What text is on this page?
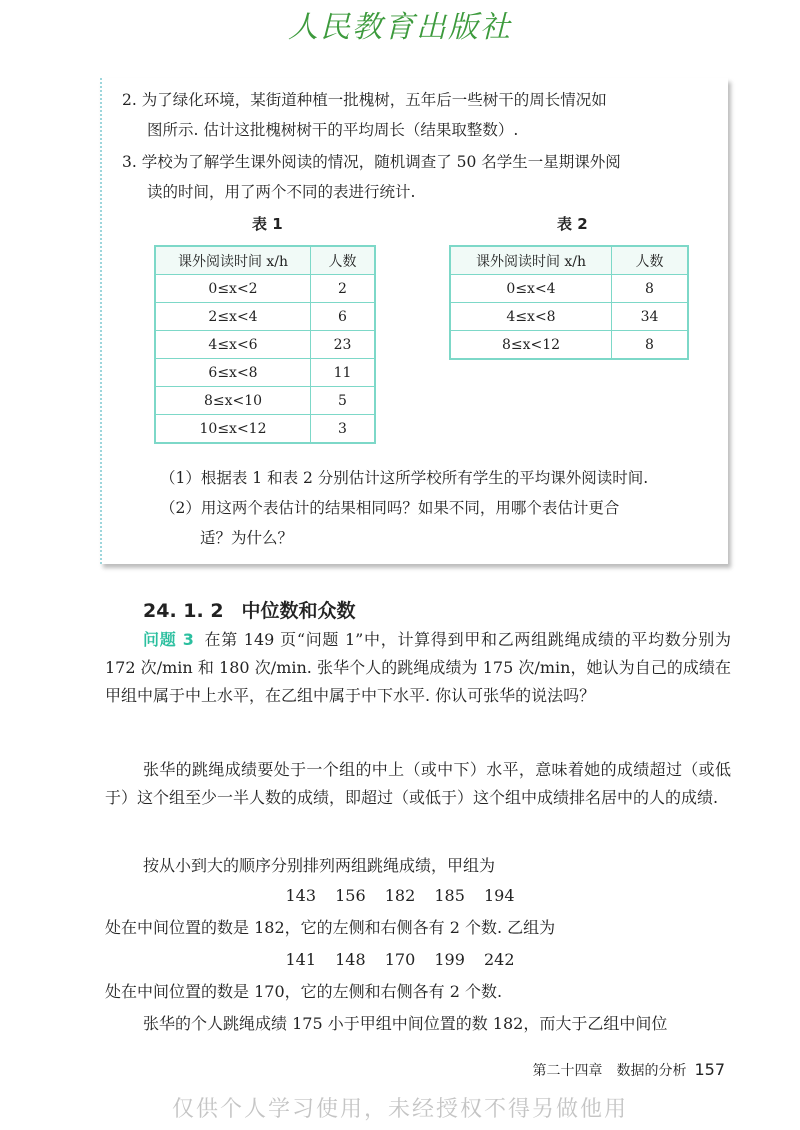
人民教育出版社
2. 为了绿化环境，某街道种植一批槐树，五年后一些树干的周长情况如
图所示. 估计这批槐树树干的平均周长（结果取整数）.
3. 学校为了解学生课外阅读的情况，随机调查了 50 名学生一星期课外阅
读的时间，用了两个不同的表进行统计.
表 1	表 2
课外阅读时间 x/h	人数
0≤x<2	2
2≤x<4	6
4≤x<6	23
6≤x<8	11
8≤x<10	5
10≤x<12	3
课外阅读时间 x/h	人数
0≤x<4	8
4≤x<8	34
8≤x<12	8
（1）根据表 1 和表 2 分别估计这所学校所有学生的平均课外阅读时间.
（2）用这两个表估计的结果相同吗？如果不同，用哪个表估计更合
适？为什么？
24. 1. 2 中位数和众数
问题 3 在第 149 页“问题 1”中，计算得到甲和乙两组跳绳成绩的平均数分别为172 次/min 和 180 次/min. 张华个人的跳绳成绩为 175 次/min，她认为自己的成绩在甲组中属于中上水平，在乙组中属于中下水平. 你认可张华的说法吗？
张华的跳绳成绩要处于一个组的中上（或中下）水平，意味着她的成绩超过（或低于）这个组至少一半人数的成绩，即超过（或低于）这个组中成绩排名居中的人的成绩.
按从小到大的顺序分别排列两组跳绳成绩，甲组为
143 156 182 185 194
处在中间位置的数是 182，它的左侧和右侧各有 2 个数. 乙组为
141 148 170 199 242
处在中间位置的数是 170，它的左侧和右侧各有 2 个数.
张华的个人跳绳成绩 175 小于甲组中间位置的数 182，而大于乙组中间位
第二十四章　数据的分析 157
仅供个人学习使用，未经授权不得另做他用
